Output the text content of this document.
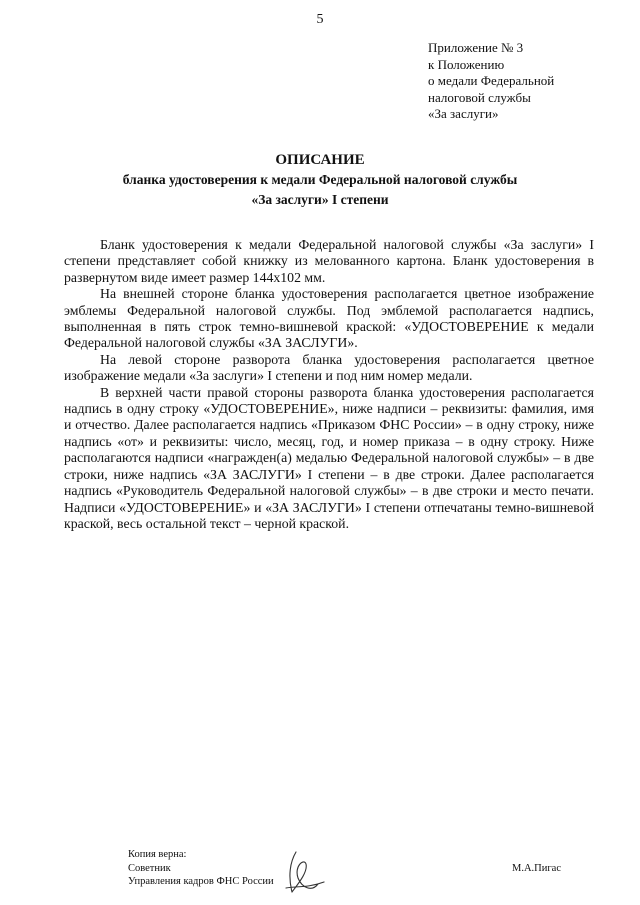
5
Приложение № 3
к Положению
о медали Федеральной
налоговой службы
«За заслуги»
ОПИСАНИЕ
бланка удостоверения к медали Федеральной налоговой службы
«За заслуги» I степени

Бланк удостоверения к медали Федеральной налоговой службы «За заслуги» I степени представляет собой книжку из мелованного картона. Бланк удостоверения в развернутом виде имеет размер 144х102 мм.

На внешней стороне бланка удостоверения располагается цветное изображение эмблемы Федеральной налоговой службы. Под эмблемой располагается надпись, выполненная в пять строк темно-вишневой краской: «УДОСТОВЕРЕНИЕ к медали Федеральной налоговой службы «ЗА ЗАСЛУГИ».

На левой стороне разворота бланка удостоверения располагается цветное изображение медали «За заслуги» I степени и под ним номер медали.

В верхней части правой стороны разворота бланка удостоверения располагается надпись в одну строку «УДОСТОВЕРЕНИЕ», ниже надписи – реквизиты: фамилия, имя и отчество. Далее располагается надпись «Приказом ФНС России» – в одну строку, ниже надпись «от» и реквизиты: число, месяц, год, и номер приказа – в одну строку. Ниже располагаются надписи «награжден(а) медалью Федеральной налоговой службы» – в две строки, ниже надпись «ЗА ЗАСЛУГИ» I степени – в две строки. Далее располагается надпись «Руководитель Федеральной налоговой службы» – в две строки и место печати. Надписи «УДОСТОВЕРЕНИЕ» и «ЗА ЗАСЛУГИ» I степени отпечатаны темно-вишневой краской, весь остальной текст – черной краской.

Копия верна:
Советник
Управления кадров ФНС России
М.А.Пигас
